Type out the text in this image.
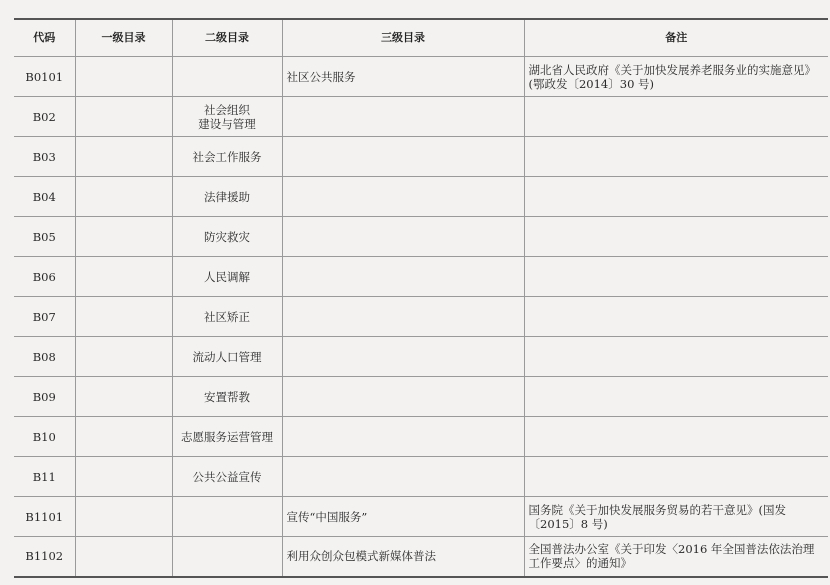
代码	一级目录	二级目录	三级目录	备注
B0101			社区公共服务	湖北省人民政府《关于加快发展养老服务业的实施意见》(鄂政发〔2014〕30 号)
B02		社会组织
建设与管理		
B03		社会工作服务		
B04		法律援助		
B05		防灾救灾		
B06		人民调解		
B07		社区矫正		
B08		流动人口管理		
B09		安置帮教		
B10		志愿服务运营管理		
B11		公共公益宣传		
B1101			宣传“中国服务”	国务院《关于加快发展服务贸易的若干意见》(国发〔2015〕8 号)
B1102			利用众创众包模式新媒体普法	全国普法办公室《关于印发〈2016 年全国普法依法治理工作要点〉的通知》
